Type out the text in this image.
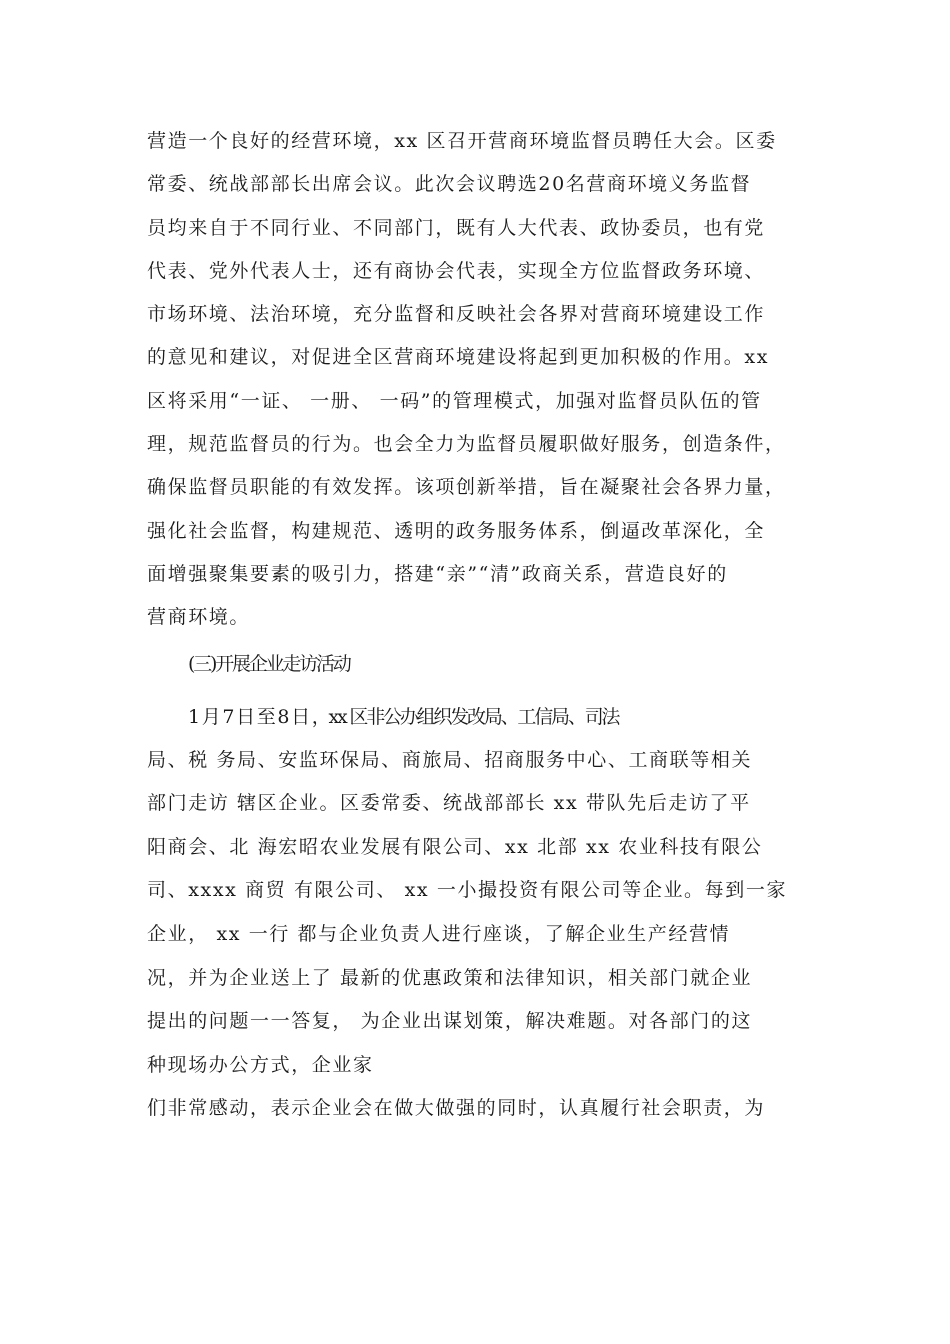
营造一个良好的经营环境，xx 区召开营商环境监督员聘任大会。区委
常委、统战部部长出席会议。此次会议聘选20名营商环境义务监督
员均来自于不同行业、不同部门，既有人大代表、政协委员，也有党
代表、党外代表人士，还有商协会代表，实现全方位监督政务环境、
市场环境、法治环境，充分监督和反映社会各界对营商环境建设工作
的意见和建议，对促进全区营商环境建设将起到更加积极的作用。xx
区将采用“一证、 一册、 一码”的管理模式，加强对监督员队伍的管
理，规范监督员的行为。也会全力为监督员履职做好服务，创造条件，
确保监督员职能的有效发挥。该项创新举措，旨在凝聚社会各界力量，
强化社会监督，构建规范、透明的政务服务体系，倒逼改革深化，全
面增强聚集要素的吸引力，搭建“亲”“清”政商关系，营造良好的
营商环境。
(三)开展企业走访活动
1 月 7 日 至 8 日 ，xx 区非公办组织发改局、工信局、司法
局、税 务局、安监环保局、商旅局、招商服务中心、工商联等相关
部门走访 辖区企业。区委常委、统战部部长 xx 带队先后走访了平
阳商会、北 海宏昭农业发展有限公司、xx 北部 xx 农业科技有限公
司、xxxx 商贸 有限公司、 xx 一小撮投资有限公司等企业。每到一家
企业， xx 一行 都与企业负责人进行座谈，了解企业生产经营情
况，并为企业送上了 最新的优惠政策和法律知识，相关部门就企业
提出的问题一一答复， 为企业出谋划策，解决难题。对各部门的这
种现场办公方式，企业家
们非常感动，表示企业会在做大做强的同时，认真履行社会职责，为
